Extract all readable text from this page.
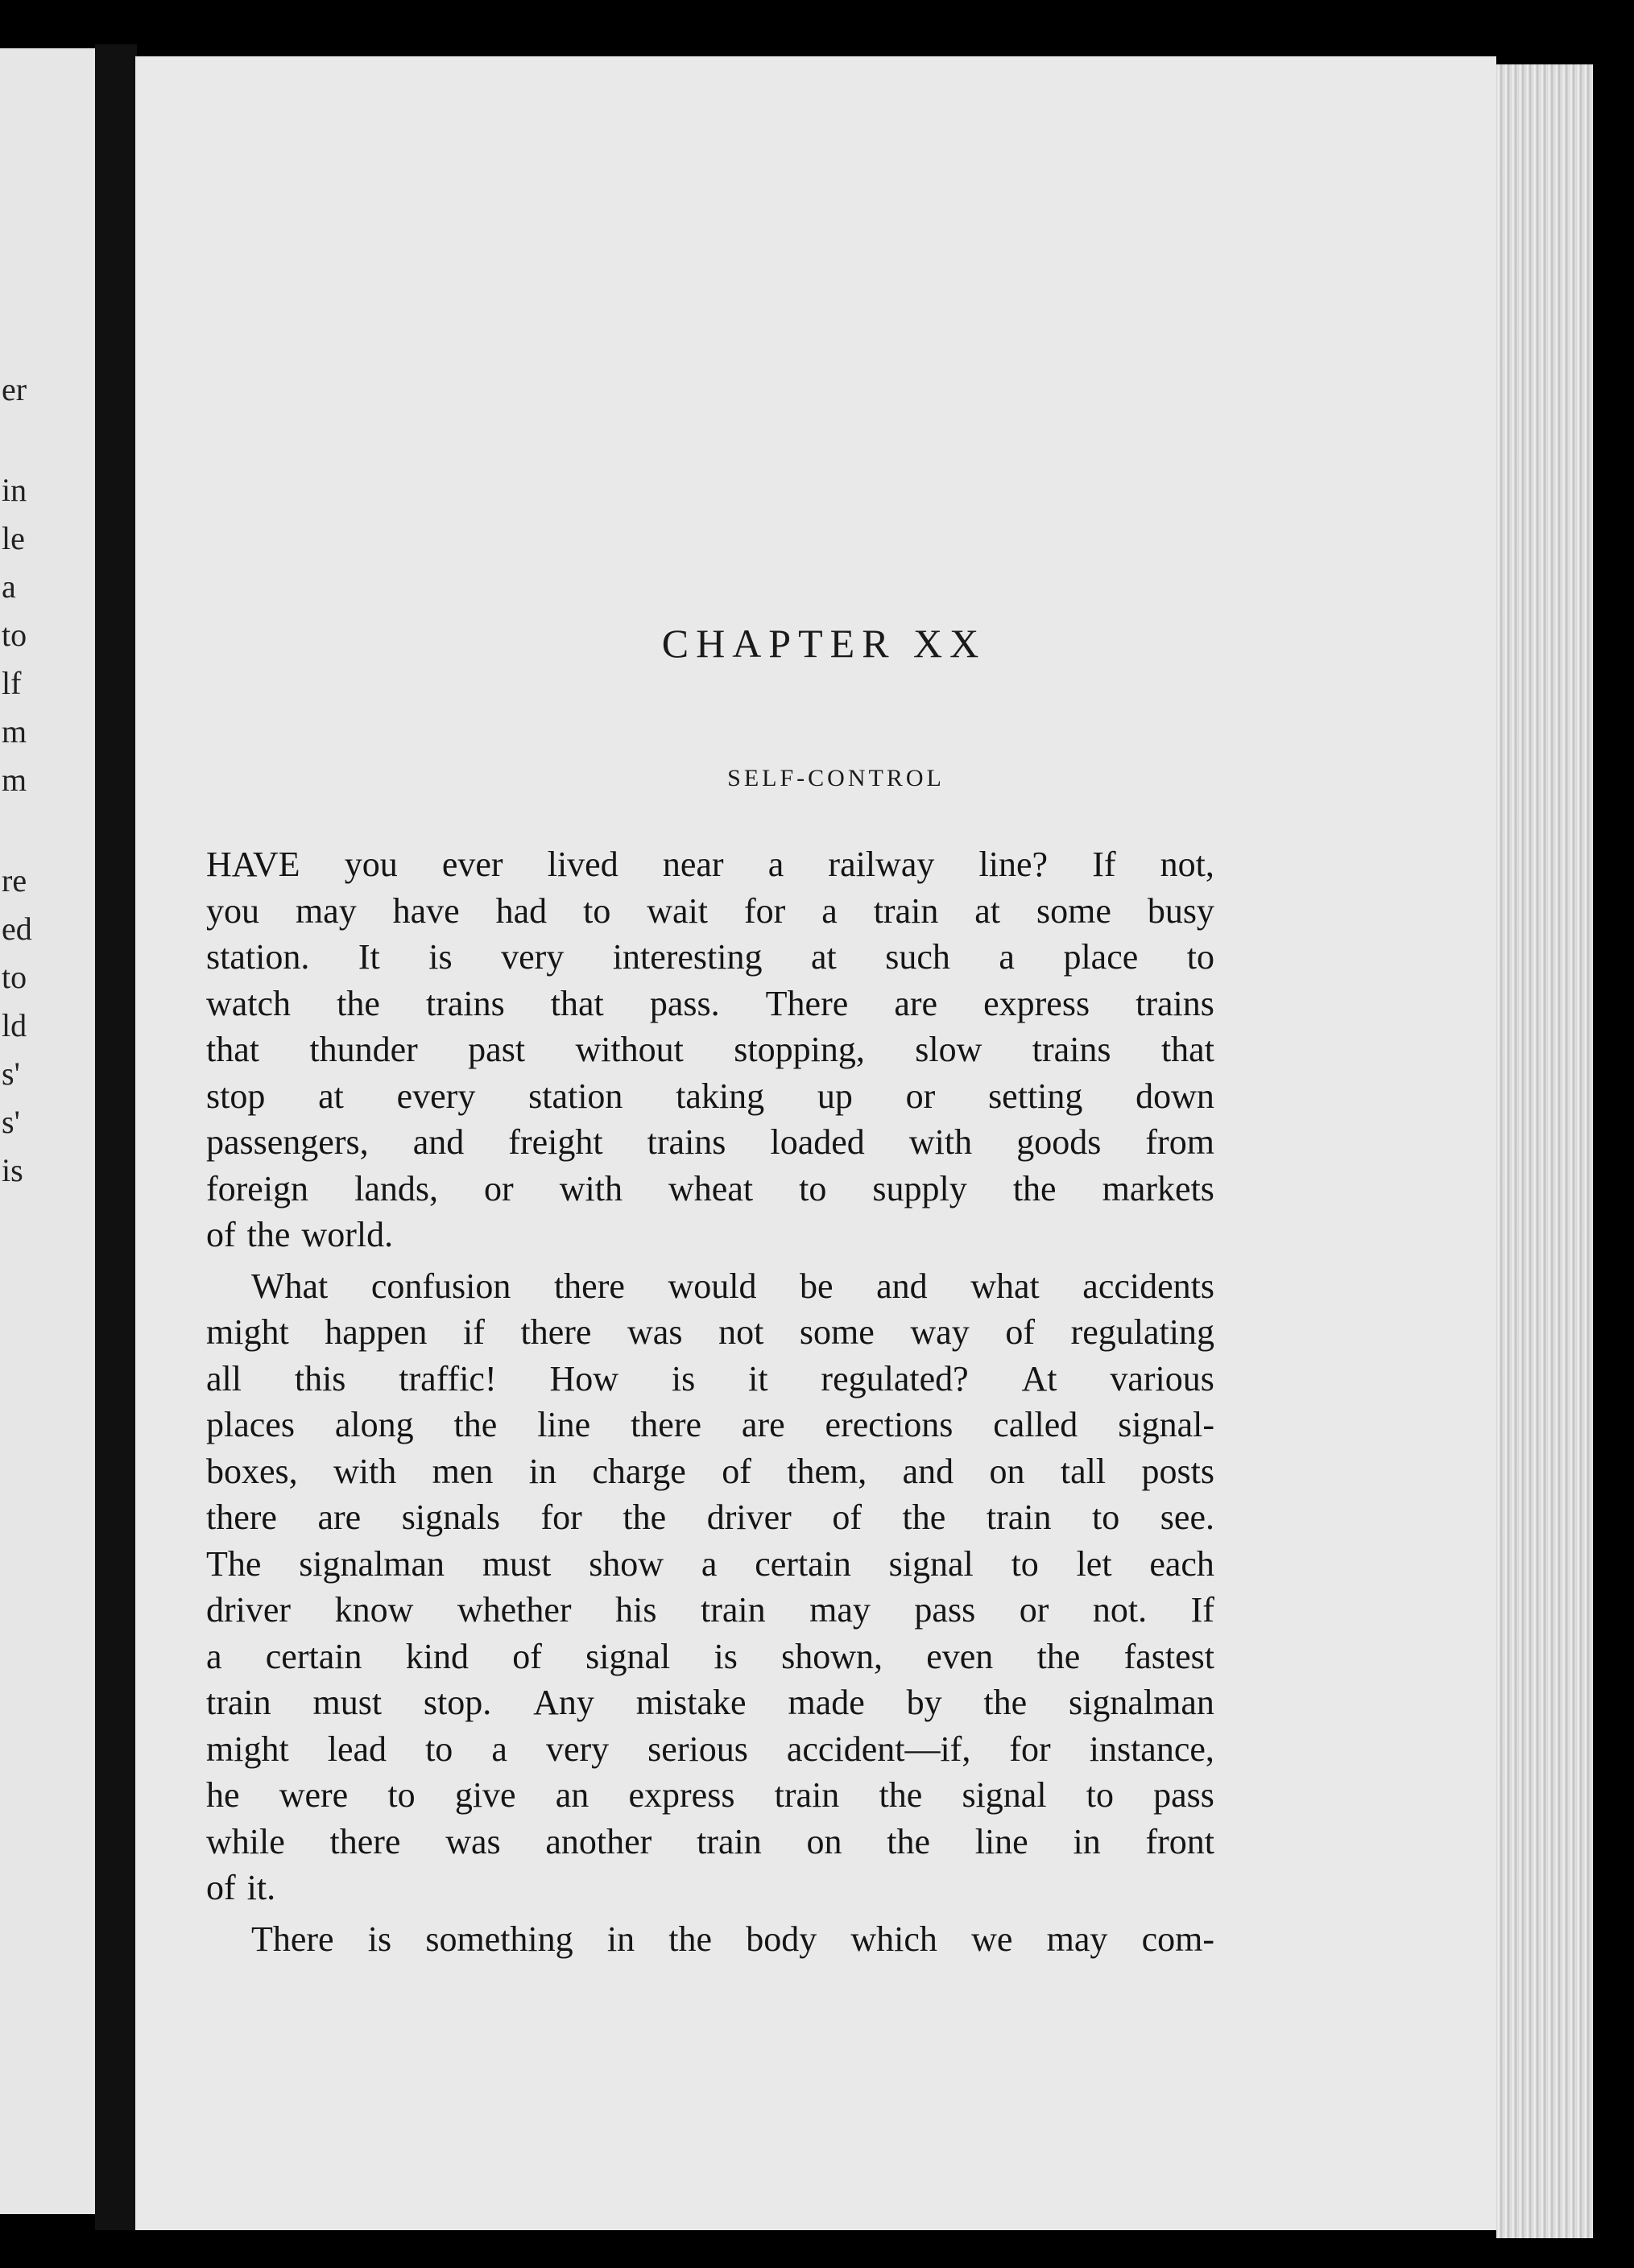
er
in
le
a
to
lf
m
m
re
ed
to
ld
s'
s'
is
CHAPTER XX
SELF-CONTROL
HAVE you ever lived near a railway line? If not,
you may have had to wait for a train at some busy
station. It is very interesting at such a place to
watch the trains that pass. There are express trains
that thunder past without stopping, slow trains that
stop at every station taking up or setting down
passengers, and freight trains loaded with goods from
foreign lands, or with wheat to supply the markets
of the world.
What confusion there would be and what accidents
might happen if there was not some way of regulating
all this traffic! How is it regulated? At various
places along the line there are erections called signal-
boxes, with men in charge of them, and on tall posts
there are signals for the driver of the train to see.
The signalman must show a certain signal to let each
driver know whether his train may pass or not. If
a certain kind of signal is shown, even the fastest
train must stop. Any mistake made by the signalman
might lead to a very serious accident—if, for instance,
he were to give an express train the signal to pass
while there was another train on the line in front
of it.
There is something in the body which we may com-
